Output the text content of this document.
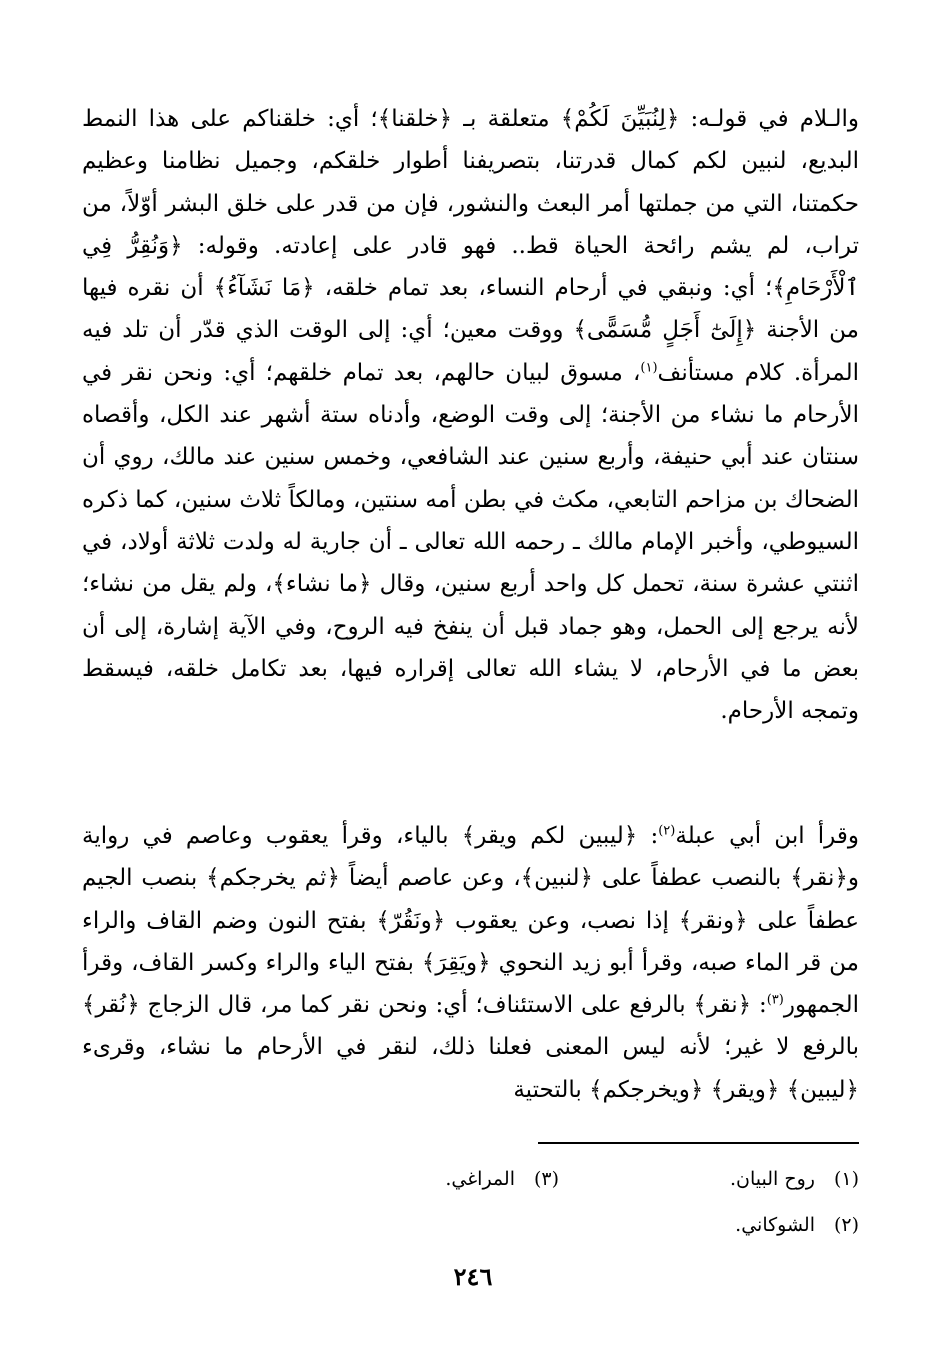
والـلام في قولـه: ﴿لِنُبَيِّنَ لَكُمْ﴾ متعلقة بـ ﴿خلقنا﴾؛ أي: خلقناكم على هذا النمط البديع، لنبين لكم كمال قدرتنا، بتصريفنا أطوار خلقكم، وجميل نظامنا وعظيم حكمتنا، التي من جملتها أمر البعث والنشور، فإن من قدر على خلق البشر أوّلاً، من تراب، لم يشم رائحة الحياة قط.. فهو قادر على إعادته. وقوله: ﴿وَنُقِرُّ فِي ٱلْأَرْحَامِ﴾؛ أي: ونبقي في أرحام النساء، بعد تمام خلقه، ﴿مَا نَشَآءُ﴾ أن نقره فيها من الأجنة ﴿إِلَىٰٓ أَجَلٍ مُّسَمًّى﴾ ووقت معين؛ أي: إلى الوقت الذي قدّر أن تلد فيه المرأة. كلام مستأنف$^{(١)}$، مسوق لبيان حالهم، بعد تمام خلقهم؛ أي: ونحن نقر في الأرحام ما نشاء من الأجنة؛ إلى وقت الوضع، وأدناه ستة أشهر عند الكل، وأقصاه سنتان عند أبي حنيفة، وأربع سنين عند الشافعي، وخمس سنين عند مالك، روي أن الضحاك بن مزاحم التابعي، مكث في بطن أمه سنتين، ومالكاً ثلاث سنين، كما ذكره السيوطي، وأخبر الإمام مالك ـ رحمه الله تعالى ـ أن جارية له ولدت ثلاثة أولاد، في اثنتي عشرة سنة، تحمل كل واحد أربع سنين، وقال ﴿ما نشاء﴾، ولم يقل من نشاء؛ لأنه يرجع إلى الحمل، وهو جماد قبل أن ينفخ فيه الروح، وفي الآية إشارة، إلى أن بعض ما في الأرحام، لا يشاء الله تعالى إقراره فيها، بعد تكامل خلقه، فيسقط وتمجه الأرحام.

وقرأ ابن أبي عبلة$^{(٢)}$: ﴿ليبين لكم ويقر﴾ بالياء، وقرأ يعقوب وعاصم في رواية و﴿نقر﴾ بالنصب عطفاً على ﴿لنبين﴾، وعن عاصم أيضاً ﴿ثم يخرجكم﴾ بنصب الجيم عطفاً على ﴿ونقر﴾ إذا نصب، وعن يعقوب ﴿ونَقُرّ﴾ بفتح النون وضم القاف والراء من قر الماء صبه، وقرأ أبو زيد النحوي ﴿ويَقِرَ﴾ بفتح الياء والراء وكسر القاف، وقرأ الجمهور$^{(٣)}$: ﴿نقر﴾ بالرفع على الاستئناف؛ أي: ونحن نقر كما مر، قال الزجاج ﴿نُقر﴾ بالرفع لا غير؛ لأنه ليس المعنى فعلنا ذلك، لنقر في الأرحام ما نشاء، وقرىء ﴿ليبين﴾ ﴿ويقر﴾ ﴿ويخرجكم﴾ بالتحتية

(١)روح البيان.
(٣)المراغي.
(٢)الشوكاني.
٢٤٦
